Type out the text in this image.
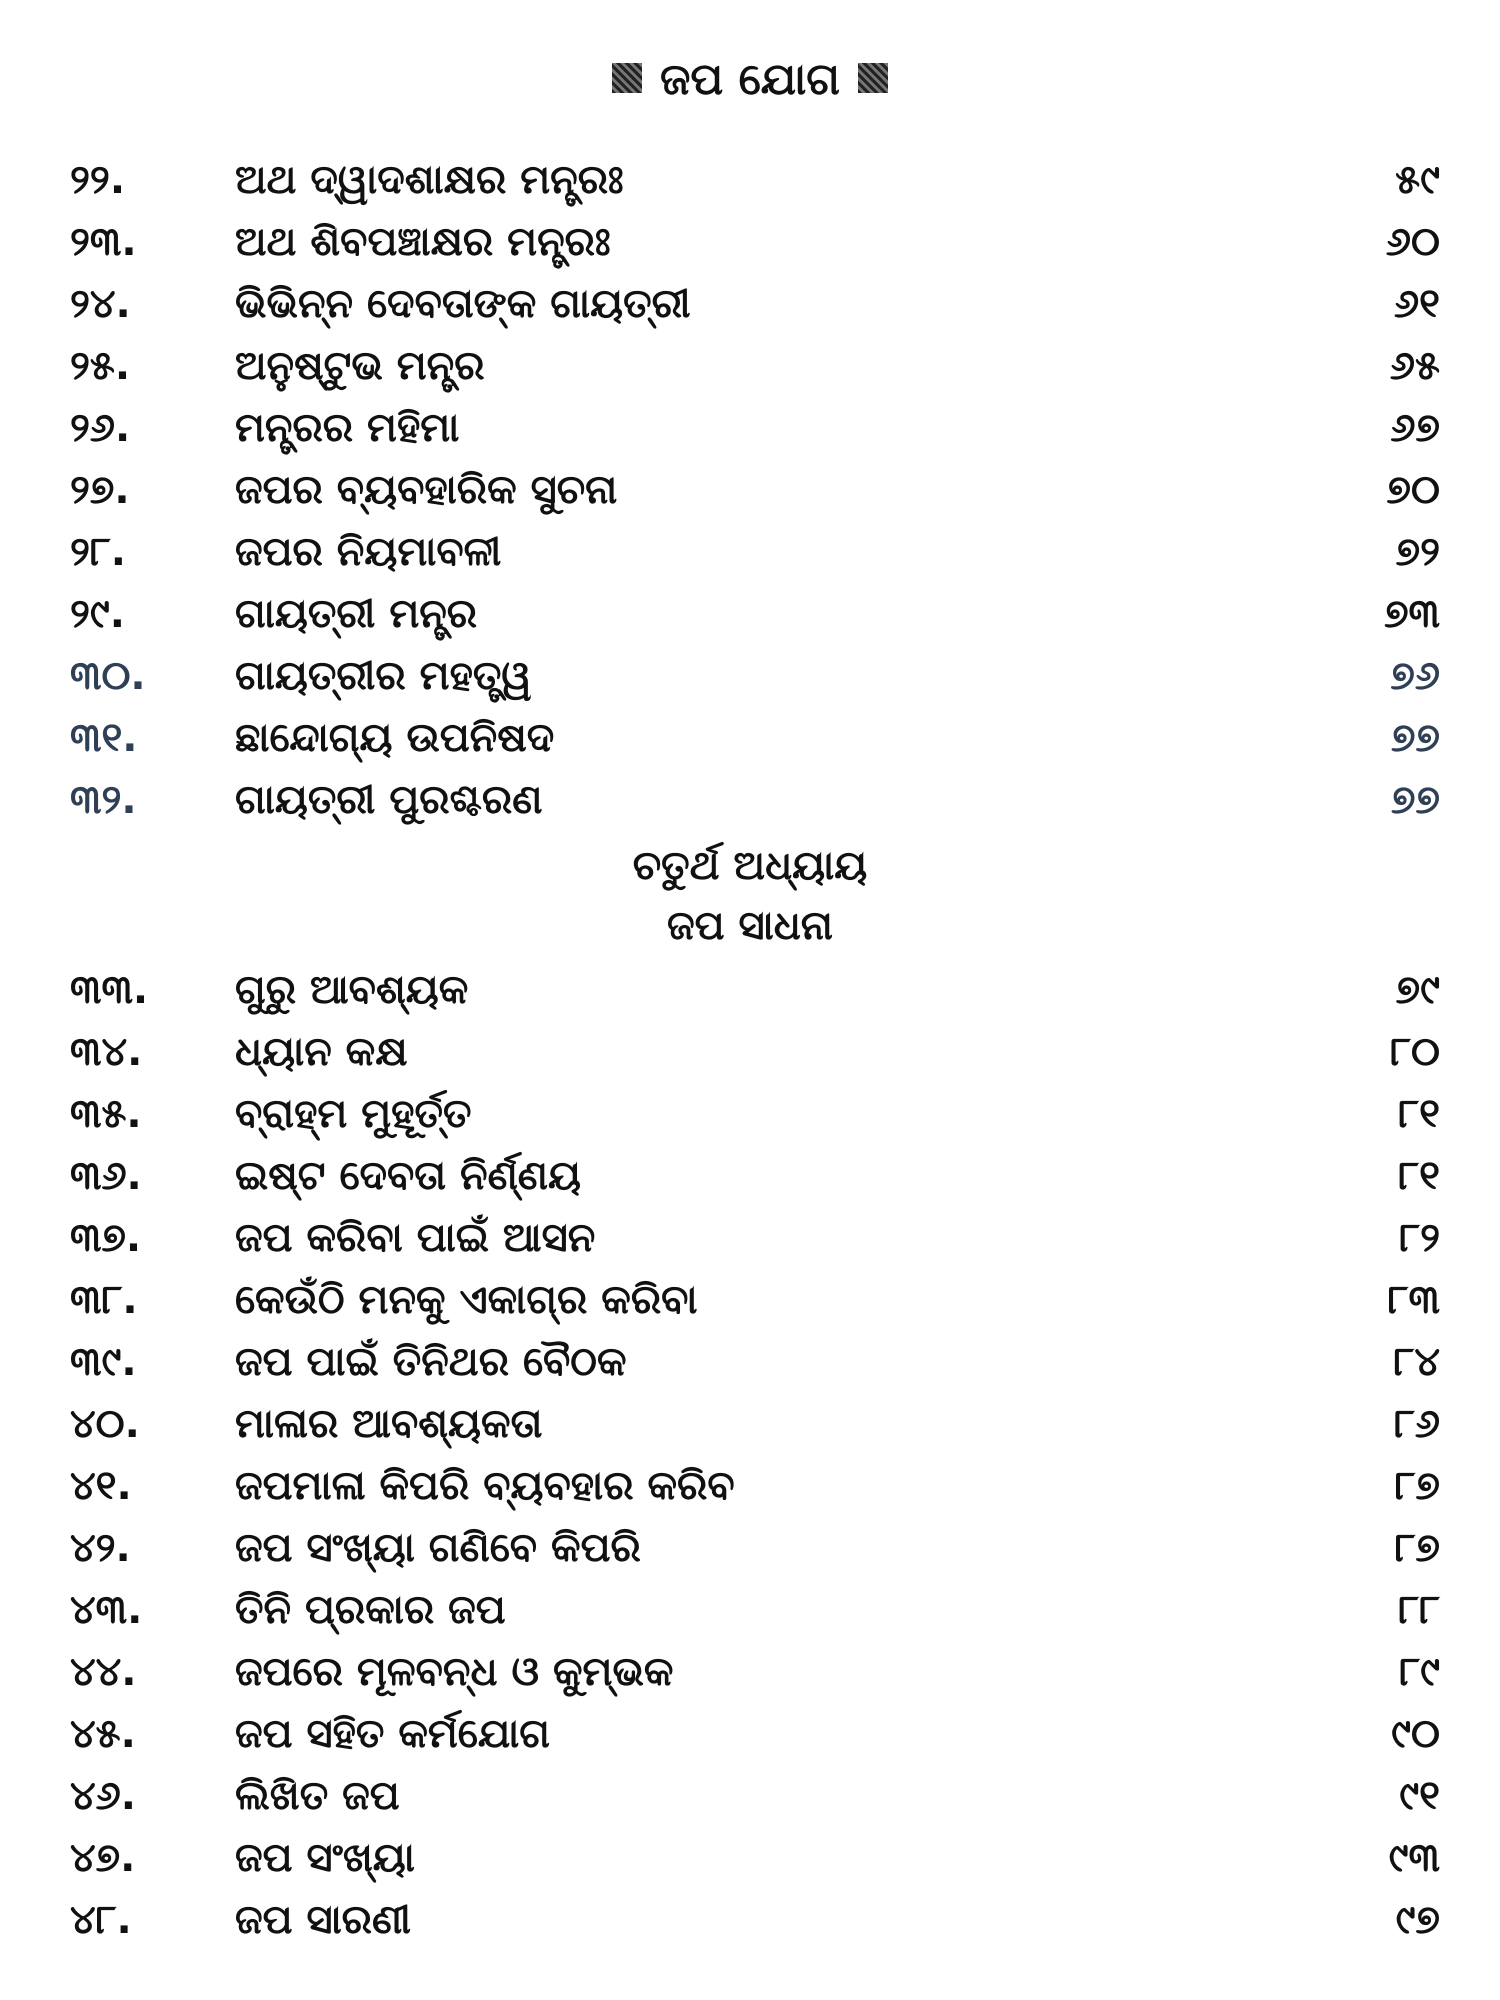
ଜପ ଯୋଗ
୨୨.	ଅଥ ଦ୍ୱାଦଶାକ୍ଷର ମନ୍ତ୍ରଃ	୫୯
୨୩.	ଅଥ ଶିବପଞ୍ଚାକ୍ଷର ମନ୍ତ୍ରଃ	୬୦
୨୪.	ଭିଭିନ୍ନ ଦେବତାଙ୍କ ଗାୟତ୍ରୀ	୬୧
୨୫.	ଅନୁଷ୍ଟୁଭ ମନ୍ତ୍ର	୬୫
୨୬.	ମନ୍ତ୍ରର ମହିମା	୬୭
୨୭.	ଜପର ବ୍ୟବହାରିକ ସୁଚନା	୭୦
୨୮.	ଜପର ନିୟମାବଳୀ	୭୨
୨୯.	ଗାୟତ୍ରୀ ମନ୍ତ୍ର	୭୩
୩୦.	ଗାୟତ୍ରୀର ମହତ୍ତ୍ୱ	୭୬
୩୧.	ଛାନ୍ଦୋଗ୍ୟ ଉପନିଷଦ	୭୭
୩୨.	ଗାୟତ୍ରୀ ପୁରଶ୍ଚରଣ	୭୭
ଚତୁର୍ଥ ଅଧ୍ୟାୟ
ଜପ ସାଧନା
୩୩.	ଗୁରୁ ଆବଶ୍ୟକ	୭୯
୩୪.	ଧ୍ୟାନ କକ୍ଷ	୮୦
୩୫.	ବ୍ରାହ୍ମ ମୁହୂର୍ତ୍ତ	୮୧
୩୬.	ଇଷ୍ଟ ଦେବତା ନିର୍ଣ୍ଣୟ	୮୧
୩୭.	ଜପ କରିବା ପାଇଁ ଆସନ	୮୨
୩୮.	କେଉଁଠି ମନକୁ ଏକାଗ୍ର କରିବା	୮୩
୩୯.	ଜପ ପାଇଁ ତିନିଥର ବୈଠକ	୮୪
୪୦.	ମାଳାର ଆବଶ୍ୟକତା	୮୬
୪୧.	ଜପମାଳା କିପରି ବ୍ୟବହାର କରିବ	୮୭
୪୨.	ଜପ ସଂଖ୍ୟା ଗଣିବେ କିପରି	୮୭
୪୩.	ତିନି ପ୍ରକାର ଜପ	୮୮
୪୪.	ଜପରେ ମୂଳବନ୍ଧ ଓ କୁମ୍ଭକ	୮୯
୪୫.	ଜପ ସହିତ କର୍ମଯୋଗ	୯୦
୪୬.	ଲିଖିତ ଜପ	୯୧
୪୭.	ଜପ ସଂଖ୍ୟା	୯୩
୪୮.	ଜପ ସାରଣୀ	୯୭
